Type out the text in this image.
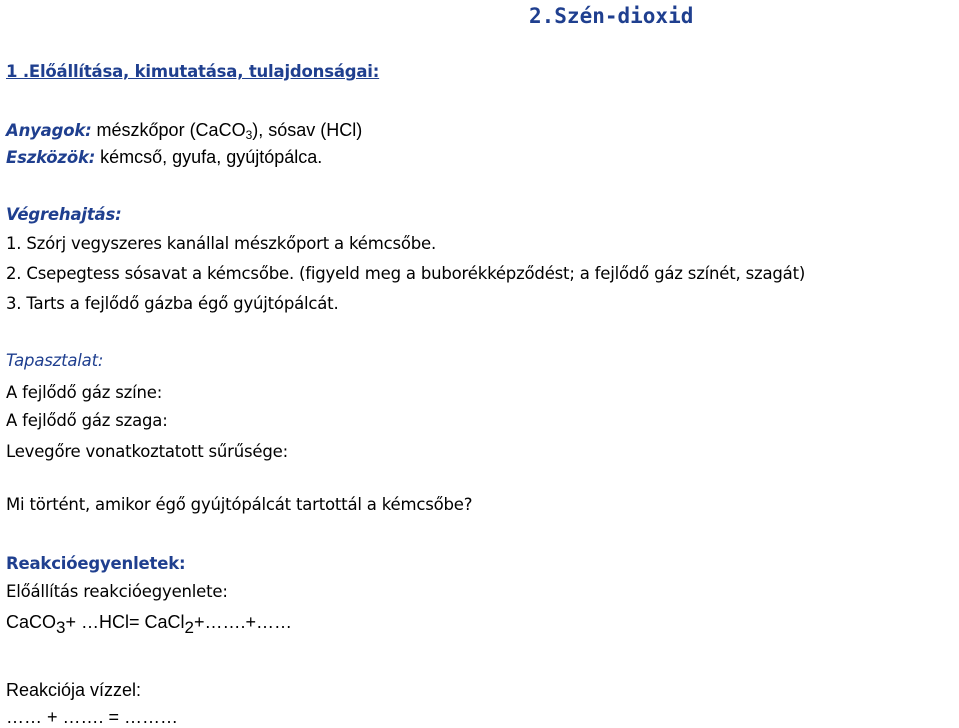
2.Szén-dioxid
1 .Előállítása, kimutatása, tulajdonságai:
Anyagok: mészkőpor (CaCO$_3$), sósav (HCl)
Eszközök: kémcső, gyufa, gyújtópálca.
Végrehajtás:
1. Szórj vegyszeres kanállal mészkőport a kémcsőbe.
2. Csepegtess sósavat a kémcsőbe. (figyeld meg a buborékképződést; a fejlődő gáz színét, szagát)
3. Tarts a fejlődő gázba égő gyújtópálcát.
Tapasztalat:
A fejlődő gáz színe:
A fejlődő gáz szaga:
Levegőre vonatkoztatott sűrűsége:
Mi történt, amikor égő gyújtópálcát tartottál a kémcsőbe?
Reakcióegyenletek:
Előállítás reakcióegyenlete:
CaCO3+ …HCl= CaCl2+…….+……
Reakciója vízzel:
…… + ……. = ………
